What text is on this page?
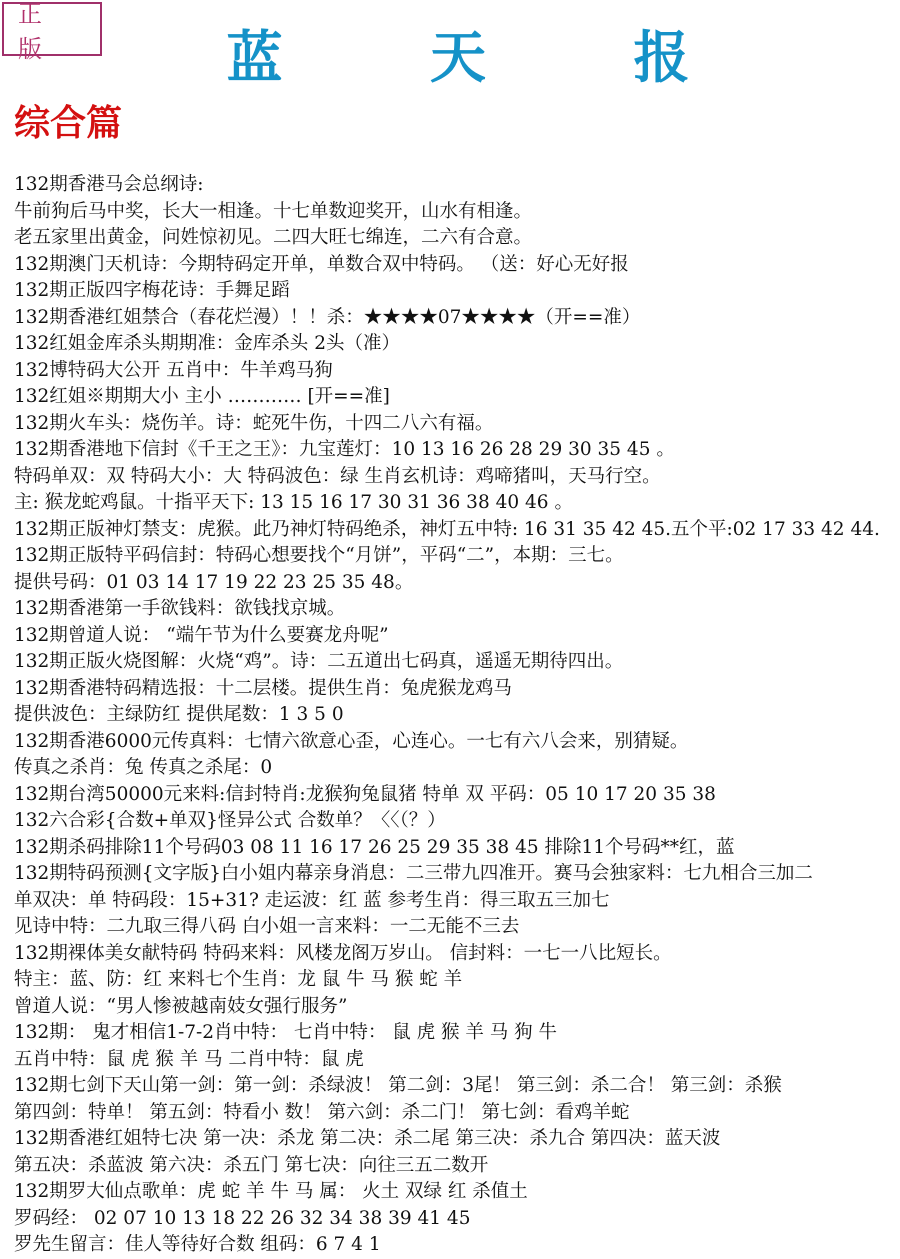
正 版	蓝 天 报
综合篇
132期香港马会总纲诗:
牛前狗后马中奖，长大一相逢。十七单数迎奖开，山水有相逢。
老五家里出黄金，问姓惊初见。二四大旺七绵连，二六有合意。
132期澳门天机诗：今期特码定开单，单数合双中特码。 （送：好心无好报
132期正版四字梅花诗：手舞足蹈
132期香港红姐禁合（春花烂漫）！！杀：★★★★07★★★★（开==准）
132红姐金库杀头期期准：金库杀头 2头（准）
132博特码大公开 五肖中：牛羊鸡马狗
132红姐※期期大小 主小 ………… [开==准]
132期火车头：烧伤羊。诗：蛇死牛伤，十四二八六有福。
132期香港地下信封《千王之王》：九宝莲灯：10 13 16 26 28 29 30 35 45 。
特码单双：双 特码大小：大 特码波色：绿 生肖玄机诗：鸡啼猪叫，天马行空。
主: 猴龙蛇鸡鼠。十指平天下: 13 15 16 17 30 31 36 38 40 46 。
132期正版神灯禁支：虎猴。此乃神灯特码绝杀，神灯五中特: 16 31 35 42 45.五个平:02 17 33 42 44.
132期正版特平码信封：特码心想要找个“月饼”，平码“二”，本期：三七。
提供号码：01 03 14 17 19 22 23 25 35 48。
132期香港第一手欲钱料：欲钱找京城。
132期曾道人说： “端午节为什么要赛龙舟呢”
132期正版火烧图解：火烧“鸡”。诗：二五道出七码真，遥遥无期待四出。
132期香港特码精选报：十二层楼。提供生肖：兔虎猴龙鸡马
提供波色：主绿防红 提供尾数：1 3 5 0
132期香港6000元传真料：七情六欲意心歪，心连心。一七有六八会来，别猜疑。
传真之杀肖：兔 传真之杀尾：0
132期台湾50000元来料:信封特肖:龙猴狗兔鼠猪 特单 双 平码：05 10 17 20 35 38
132六合彩{合数+单双}怪异公式 合数单？〈〈（？）
132期杀码排除11个号码03 08 11 16 17 26 25 29 35 38 45 排除11个号码**红，蓝
132期特码预测{文字版}白小姐内幕亲身消息：二三带九四准开。赛马会独家料：七九相合三加二
单双决：单 特码段：15+31? 走运波：红 蓝 参考生肖：得三取五三加七
见诗中特：二九取三得八码 白小姐一言来料：一二无能不三去
132期裸体美女献特码 特码来料：风楼龙阁万岁山。 信封料：一七一八比短长。
特主：蓝、防：红 来料七个生肖：龙 鼠 牛 马 猴 蛇 羊
曾道人说：“男人惨被越南妓女强行服务”
132期： 鬼才相信1-7-2肖中特： 七肖中特： 鼠 虎 猴 羊 马 狗 牛
五肖中特：鼠 虎 猴 羊 马 二肖中特：鼠 虎
132期七剑下天山第一剑：第一剑：杀绿波！ 第二剑：3尾！ 第三剑：杀二合！ 第三剑：杀猴
第四剑：特单！ 第五剑：特看小 数！ 第六剑：杀二门！ 第七剑：看鸡羊蛇
132期香港红姐特七决 第一决：杀龙 第二决：杀二尾 第三决：杀九合 第四决：蓝天波
第五决：杀蓝波 第六决：杀五门 第七决：向往三五二数开
132期罗大仙点歌单：虎 蛇 羊 牛 马 属： 火土 双绿 红 杀值土
罗码经： 02 07 10 13 18 22 26 32 34 38 39 41 45
罗先生留言：佳人等待好合数 组码：6 7 4 1
